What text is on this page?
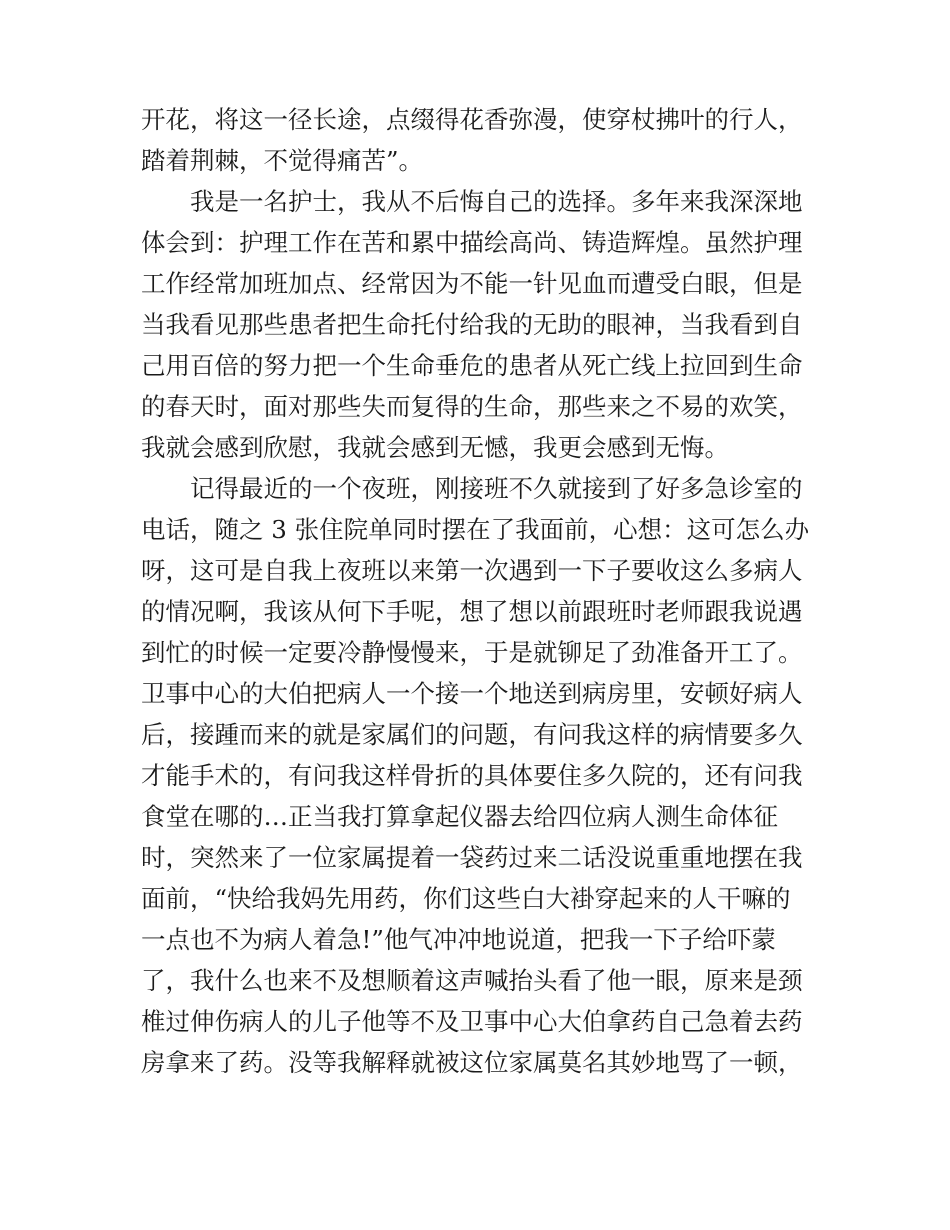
开花，将这一径长途，点缀得花香弥漫，使穿杖拂叶的行人，
踏着荆棘，不觉得痛苦”。
我是一名护士，我从不后悔自己的选择。多年来我深深地
体会到：护理工作在苦和累中描绘高尚、铸造辉煌。虽然护理
工作经常加班加点、经常因为不能一针见血而遭受白眼，但是
当我看见那些患者把生命托付给我的无助的眼神，当我看到自
己用百倍的努力把一个生命垂危的患者从死亡线上拉回到生命
的春天时，面对那些失而复得的生命，那些来之不易的欢笑，
我就会感到欣慰，我就会感到无憾，我更会感到无悔。
记得最近的一个夜班，刚接班不久就接到了好多急诊室的
电话，随之 3 张住院单同时摆在了我面前，心想：这可怎么办
呀，这可是自我上夜班以来第一次遇到一下子要收这么多病人
的情况啊，我该从何下手呢，想了想以前跟班时老师跟我说遇
到忙的时候一定要冷静慢慢来，于是就铆足了劲准备开工了。
卫事中心的大伯把病人一个接一个地送到病房里，安顿好病人
后，接踵而来的就是家属们的问题，有问我这样的病情要多久
才能手术的，有问我这样骨折的具体要住多久院的，还有问我
食堂在哪的…正当我打算拿起仪器去给四位病人测生命体征
时，突然来了一位家属提着一袋药过来二话没说重重地摆在我
面前，“快给我妈先用药，你们这些白大褂穿起来的人干嘛的
一点也不为病人着急!”他气冲冲地说道，把我一下子给吓蒙
了，我什么也来不及想顺着这声喊抬头看了他一眼，原来是颈
椎过伸伤病人的儿子他等不及卫事中心大伯拿药自己急着去药
房拿来了药。没等我解释就被这位家属莫名其妙地骂了一顿，
